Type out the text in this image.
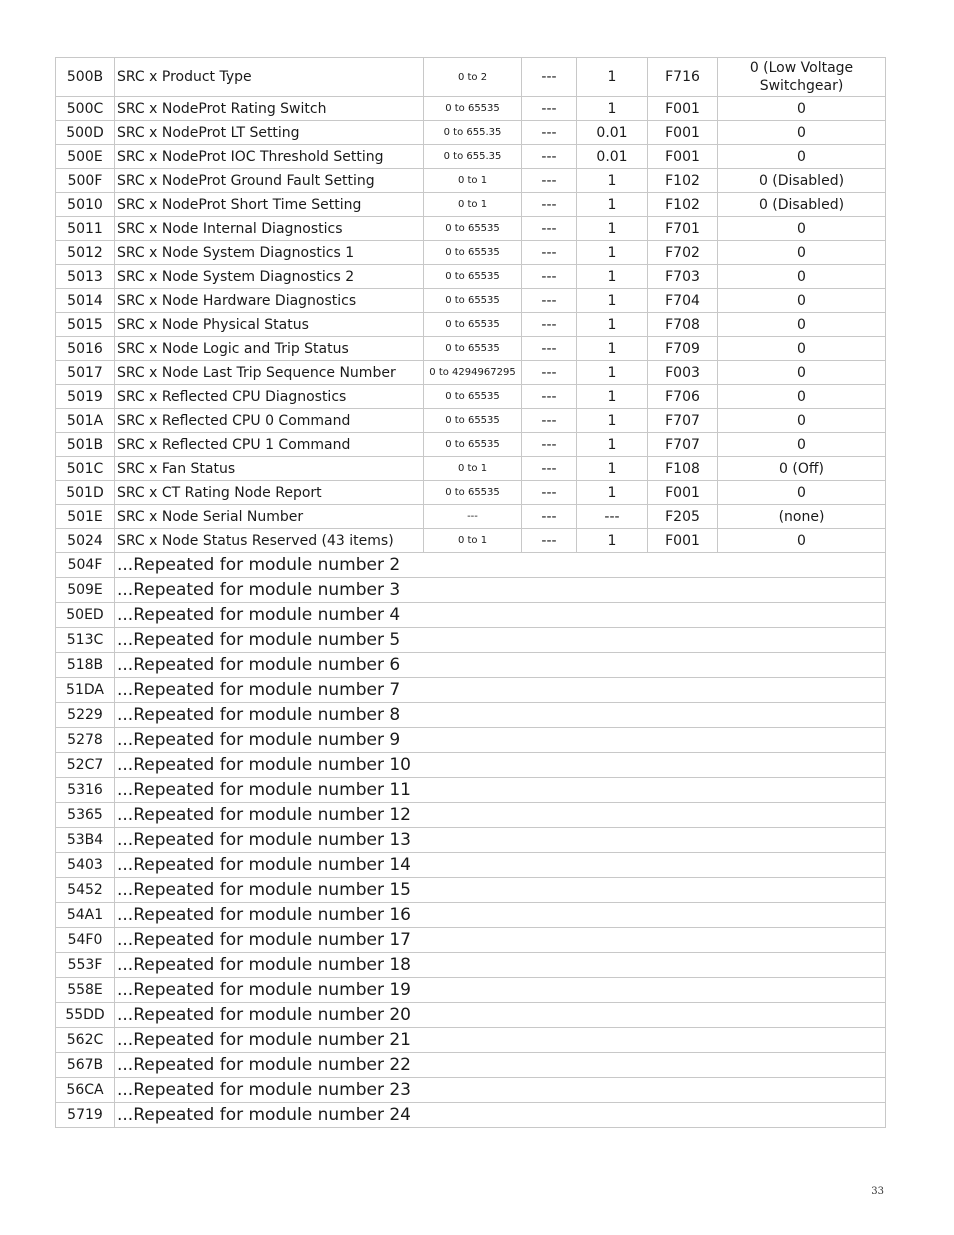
500B	SRC x Product Type	0 to 2	---	1	F716	0 (Low Voltage Switchgear)
500C	SRC x NodeProt Rating Switch	0 to 65535	---	1	F001	0
500D	SRC x NodeProt LT Setting	0 to 655.35	---	0.01	F001	0
500E	SRC x NodeProt IOC Threshold Setting	0 to 655.35	---	0.01	F001	0
500F	SRC x NodeProt Ground Fault Setting	0 to 1	---	1	F102	0 (Disabled)
5010	SRC x NodeProt Short Time Setting	0 to 1	---	1	F102	0 (Disabled)
5011	SRC x Node Internal Diagnostics	0 to 65535	---	1	F701	0
5012	SRC x Node System Diagnostics 1	0 to 65535	---	1	F702	0
5013	SRC x Node System Diagnostics 2	0 to 65535	---	1	F703	0
5014	SRC x Node Hardware Diagnostics	0 to 65535	---	1	F704	0
5015	SRC x Node Physical Status	0 to 65535	---	1	F708	0
5016	SRC x Node Logic and Trip Status	0 to 65535	---	1	F709	0
5017	SRC x Node Last Trip Sequence Number	0 to 4294967295	---	1	F003	0
5019	SRC x Reflected CPU Diagnostics	0 to 65535	---	1	F706	0
501A	SRC x Reflected CPU 0 Command	0 to 65535	---	1	F707	0
501B	SRC x Reflected CPU 1 Command	0 to 65535	---	1	F707	0
501C	SRC x Fan Status	0 to 1	---	1	F108	0 (Off)
501D	SRC x CT Rating Node Report	0 to 65535	---	1	F001	0
501E	SRC x Node Serial Number	---	---	---	F205	(none)
5024	SRC x Node Status Reserved (43 items)	0 to 1	---	1	F001	0
504F	...Repeated for module number 2					
509E	...Repeated for module number 3					
50ED	...Repeated for module number 4					
513C	...Repeated for module number 5					
518B	...Repeated for module number 6					
51DA	...Repeated for module number 7					
5229	...Repeated for module number 8					
5278	...Repeated for module number 9					
52C7	...Repeated for module number 10					
5316	...Repeated for module number 11					
5365	...Repeated for module number 12					
53B4	...Repeated for module number 13					
5403	...Repeated for module number 14					
5452	...Repeated for module number 15					
54A1	...Repeated for module number 16					
54F0	...Repeated for module number 17					
553F	...Repeated for module number 18					
558E	...Repeated for module number 19					
55DD	...Repeated for module number 20					
562C	...Repeated for module number 21					
567B	...Repeated for module number 22					
56CA	...Repeated for module number 23					
5719	...Repeated for module number 24					
33
